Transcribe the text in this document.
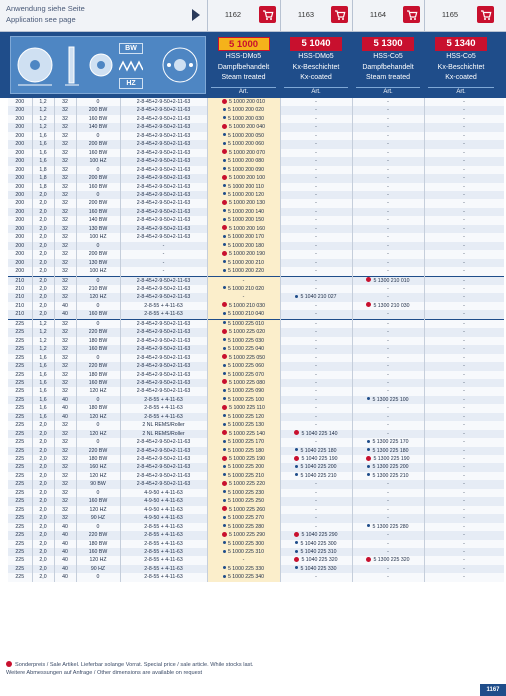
Anwendung siehe Seite
Application see page
1162	1163	1164	1165
BW
HZ
5 1000
HSS-DMo5
Dampfbehandelt
Steam treated
Art.
5 1040
HSS-DMo5
Kx-Beschichtet
Kx-coated
Art.
5 1300
HSS-Co5
Dampfbehandelt
Steam treated
Art.
5 1340
HSS-Co5
Kx-Beschichtet
Kx-coated
Art.
200	1,2	32	0	2-8-45+2-9-50+2-11-63	5 1000 200 010	-	-	-
200	1,2	32	200 BW	2-8-45+2-9-50+2-11-63	5 1000 200 020	-	-	-
200	1,2	32	160 BW	2-8-45+2-9-50+2-11-63	5 1000 200 030	-	-	-
200	1,2	32	140 BW	2-8-45+2-9-50+2-11-63	5 1000 200 040	-	-	-
200	1,6	32	0	2-8-45+2-9-50+2-11-63	5 1000 200 050	-	-	-
200	1,6	32	200 BW	2-8-45+2-9-50+2-11-63	5 1000 200 060	-	-	-
200	1,6	32	160 BW	2-8-45+2-9-50+2-11-63	5 1000 200 070	-	-	-
200	1,6	32	100 HZ	2-8-45+2-9-50+2-11-63	5 1000 200 080	-	-	-
200	1,8	32	0	2-8-45+2-9-50+2-11-63	5 1000 200 090	-	-	-
200	1,8	32	200 BW	2-8-45+2-9-50+2-11-63	5 1000 200 100	-	-	-
200	1,8	32	160 BW	2-8-45+2-9-50+2-11-63	5 1000 200 110	-	-	-
200	2,0	32	0	2-8-45+2-9-50+2-11-63	5 1000 200 120	-	-	-
200	2,0	32	200 BW	2-8-45+2-9-50+2-11-63	5 1000 200 130	-	-	-
200	2,0	32	160 BW	2-8-45+2-9-50+2-11-63	5 1000 200 140	-	-	-
200	2,0	32	140 BW	2-8-45+2-9-50+2-11-63	5 1000 200 150	-	-	-
200	2,0	32	130 BW	2-8-45+2-9-50+2-11-63	5 1000 200 160	-	-	-
200	2,0	32	100 HZ	2-8-45+2-9-50+2-11-63	5 1000 200 170	-	-	-
200	2,0	32	0	-	5 1000 200 180	-	-	-
200	2,0	32	200 BW	-	5 1000 200 190	-	-	-
200	2,0	32	130 BW	-	5 1000 200 210	-	-	-
200	2,0	32	100 HZ	-	5 1000 200 220	-	-	-
210	2,0	32	0	2-8-45+2-9-50+2-11-63	-	-	5 1300 210 010	-
210	2,0	32	210 BW	2-8-45+2-9-50+2-11-63	5 1000 210 020	-	-	-
210	2,0	32	120 HZ	2-8-45+2-9-50+2-11-63	-	5 1040 210 027	-	-
210	2,0	40	0	2-8-55 + 4-11-63	5 1000 210 030	-	5 1300 210 030	-
210	2,0	40	160 BW	2-8-55 + 4-11-63	5 1000 210 040	-	-	-
225	1,2	32	0	2-8-45+2-9-50+2-11-63	5 1000 225 010	-	-	-
225	1,2	32	220 BW	2-8-45+2-9-50+2-11-63	5 1000 225 020	-	-	-
225	1,2	32	180 BW	2-8-45+2-9-50+2-11-63	5 1000 225 030	-	-	-
225	1,2	32	160 BW	2-8-45+2-9-50+2-11-63	5 1000 225 040	-	-	-
225	1,6	32	0	2-8-45+2-9-50+2-11-63	5 1000 225 050	-	-	-
225	1,6	32	220 BW	2-8-45+2-9-50+2-11-63	5 1000 225 060	-	-	-
225	1,6	32	180 BW	2-8-45+2-9-50+2-11-63	5 1000 225 070	-	-	-
225	1,6	32	160 BW	2-8-45+2-9-50+2-11-63	5 1000 225 080	-	-	-
225	1,6	32	120 HZ	2-8-45+2-9-50+2-11-63	5 1000 225 090	-	-	-
225	1,6	40	0	2-8-55 + 4-11-63	5 1000 225 100	-	5 1300 225 100	-
225	1,6	40	180 BW	2-8-55 + 4-11-63	5 1000 225 110	-	-	-
225	1,6	40	120 HZ	2-8-55 + 4-11-63	5 1000 225 120	-	-	-
225	2,0	32	0	2 NL REMS/Roller	5 1000 225 130	-	-	-
225	2,0	32	120 HZ	2 NL REMS/Roller	5 1000 225 140	5 1040 225 140	-	-
225	2,0	32	0	2-8-45+2-9-50+2-11-63	5 1000 225 170	-	5 1300 225 170	-
225	2,0	32	220 BW	2-8-45+2-9-50+2-11-63	5 1000 225 180	5 1040 225 180	5 1300 225 180	-
225	2,0	32	180 BW	2-8-45+2-9-50+2-11-63	5 1000 225 190	5 1040 225 190	5 1300 225 190	-
225	2,0	32	160 HZ	2-8-45+2-9-50+2-11-63	5 1000 225 200	5 1040 225 200	5 1300 225 200	-
225	2,0	32	120 HZ	2-8-45+2-9-50+2-11-63	5 1000 225 210	5 1040 225 210	5 1300 225 210	-
225	2,0	32	90 BW	2-8-45+2-9-50+2-11-63	5 1000 225 220	-	-	-
225	2,0	32	0	4-9-50 + 4-11-63	5 1000 225 230	-	-	-
225	2,0	32	160 BW	4-9-50 + 4-11-63	5 1000 225 250	-	-	-
225	2,0	32	120 HZ	4-9-50 + 4-11-63	5 1000 225 260	-	-	-
225	2,0	32	90 HZ	4-9-50 + 4-11-63	5 1000 225 270	-	-	-
225	2,0	40	0	2-8-55 + 4-11-63	5 1000 225 280	-	5 1300 225 280	-
225	2,0	40	220 BW	2-8-55 + 4-11-63	5 1000 225 290	5 1040 225 290	-	-
225	2,0	40	180 BW	2-8-55 + 4-11-63	5 1000 225 300	5 1040 225 300	-	-
225	2,0	40	160 BW	2-8-55 + 4-11-63	5 1000 225 310	5 1040 225 310	-	-
225	2,0	40	120 HZ	2-8-55 + 4-11-63	-	5 1040 225 320	5 1300 225 320	-
225	2,0	40	90 HZ	2-8-55 + 4-11-63	5 1000 225 330	5 1040 225 330	-	-
225	2,0	40	0	2-8-55 + 4-11-63	5 1000 225 340	-	-	-
Sonderpreis / Sale Artikel. Lieferbar solange Vorrat. Special price / sale article. While stocks last.
Weitere Abmessungen auf Anfrage / Other dimensions are available on request
1167
